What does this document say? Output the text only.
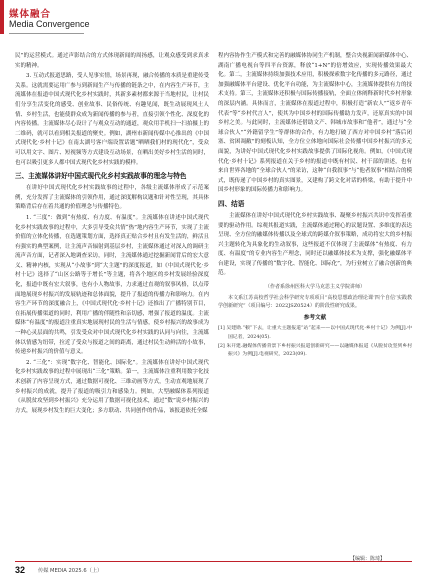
媒体融合
Media Convergence

民”的运营模式。通过声影结合的方式体现新闻的周扬感，让观众感受到求真求实的精神。

3. 互动式报道思路，受人见事实情，场景再现，融合传播的本质是重建传受关系。这就需要运用广参与到新闻生产与传播的链条之中，在内容生产环节，主流媒体在报道中国式现代化乡村实践时，其新多素材都来源于当地村民，让村民们分享生活变化的感受、创业故事、民俗传统、有趣见闻，既生动展现风土人情、乡村生活，也能使群众成为新闻传播的参与者，直接引领个性化、深度化的内容传播。主流媒体尽心设计了与观众互动的通道，观众用手机扫一扫拍摄上的二维码，就可以看到相关报道的聚史。例如，湖州市新闻传媒中心推出的《中国式现代化·乡村十记》在南太湖号客户端设置话题“晒晒我们村的现代化”，受众可以用文字、图片、短视频等方式建设互动场景，在晒出美好乡村生活的同时，也可以吸引更多人都中国式现代化乡村实践的模样。

三、主流媒体讲好中国式现代化乡村实践故事的理念与特色

在讲好中国式现代化乡村实践故事的过程中，各级主流媒体形成了示范案例，充分发挥了主流媒体的引领作用，通过深度解构议题和针对性呈现，其具体策略背后存在着共通的价值理念与传播特色。

1. “三度”：做到“有热度、有力度、有温度”。主流媒体在讲述中国式现代化乡村实践故事的过程中，大多引导受众共情“热”地内容生产环节，实现了主流价值的立体化传播，在选题策划方面，选择真正贴合乡村且有发生活的，鲜活且有强实的典型案例，让主流声音辐射到基层乡村，主流媒体通过对深入的调研主流声音方面，记者深入地调查采访，同时，主流媒体通过挖掘新闻背后的宏大意义、精神内核，实现从“小故事”到“大主题”的深度报道，如《中国式现代化·乡村十记》选择了“山区公路等于增长”等主题，将各个地区的乡村发展经验深度化，报道中既有宏大叙事，也有小人物故事，力求通过直观的叙事风格，以点带面地展现乡村振兴的发展轨迹和总体面貌，提升了报道的传播力和影响力。在内容生产环节的深度融合上，《中国式现代化·乡村十记》还推出了广播特别节目，在拓展传播渠道的同时，利用广播的伴随性和亲切感，增强了报道的温度。主流媒体“有温度”的报道注重真实地展现村民的生活与情感，使乡村振兴的故事成为一种心灵层面的共鸣，引发受众对中国式现代化乡村实践的认同与向往，主流媒体以情感为纽带，拉近了受众与报道之间的距离，通过村民生动鲜活的小故事，传递乡村振兴的价值与意义。

2. “三化”：实现“数字化、智能化、国际化”。主流媒体在讲好中国式现代化乡村实践故事的过程中展现出“三化”策略。第一，主流媒体注重利用数字化技术创新了内容呈现方式，通过数据可视化、三维动画等方式，生动直观地展现了乡村振兴的成就，提升了报道的吸引力和感染力。例如，大型融媒体系列报道《从脱贫攻坚到乡村振兴》充分运用了数据可视化技术，通过“数”说乡村振兴的方式，展现乡村发生的巨大变化；多方联动、共同创作的作品，该报道依托全媒

程内容协作生产模式和完善的融媒体协同生产机制，整合央视新闻新媒体中心、湖南广播电视台等四平台资源，释放“1+N”的倍增效应，实现传播效果最大化。第二，主流媒体持续加强技术应用，积极探索数字化传播的多元路径，通过加强融媒体平台建设、优化平台功能，为主流媒体中心，主流媒体提供有力的技术支持。第三，主流媒体还积极与国际传播接轨，全面立体阐释新时代乡村形象的深层内涵。具体而言，主流媒体在报道过程中，积极打造“新农人”“返乡青年代表”等“乡村代言人”，使其为中国乡村的国际传播助力发声，还原真实的中国乡村之美。与此同时，主流媒体还借助文产、韩城市故事和“他者”，通过与“全球合伙人”“外籍留学生”等群体的合作，有力地打破了西方对中国乡村“落后闭塞、贫困凋敝”的刻板认知，全方位立体地向国际社会传播中国乡村振兴的多元面貌，为讲好中国式现代化乡村实践故事提供了国际化视角。例如，《中国式现代化·乡村十记》系列报道在关于乡村的报道中既有村民、村干部的讲述，也有来自世界各地的“全球合伙人”的采访，这种“自我叙事”与“他者叙事”相结合的模式，既传递了中国乡村的真实图景，又建构了跨文化对话的桥梁，有助于提升中国乡村形象的国际传播力和影响力。

四、结语

主流媒体在讲好中国式现代化乡村实践故事、凝聚乡村振兴共识中发挥着重要的驱动作用。综观其报道实践，主流媒体通过精心的议题设置、多维度的表达呈现、全方位的融媒体传播以及全球式的跨媒介叙事策略，成功将宏大的乡村振兴主题转化为具象化的生动叙事，这些报道不仅体现了主流媒体“有热度、有力度、有温度”的专业内容生产理念，同时还以融媒体技术为支撑，强化融媒体平台建设，实现了传播的“数字化、智能化、国际化”，为行业树立了融合创新的典范。

（作者系徐州医科大学马克思主义学院讲师）
本文系江苏高校哲学社会科学研究专项项目“高校思想政治理论课‘四个自信’实践教学创新研究”（项目编号：2022JSZ0524）的阶段性研究成果。
参考文献
[1] 吴建勋.“顿”下去，让重大主题报道“站”起来——以中国式现代化·乡村十记》为例[J].中国记者，2024(05).
[2] 朱开建.融媒体传播背景下乡村振兴报道创新研究——以融媒体报道《从脱贫攻坚到乡村振兴》为例[J].电视研究，2023(09).
【编辑：陈琦】
32 传媒 MEDIA 2025.6（上）
